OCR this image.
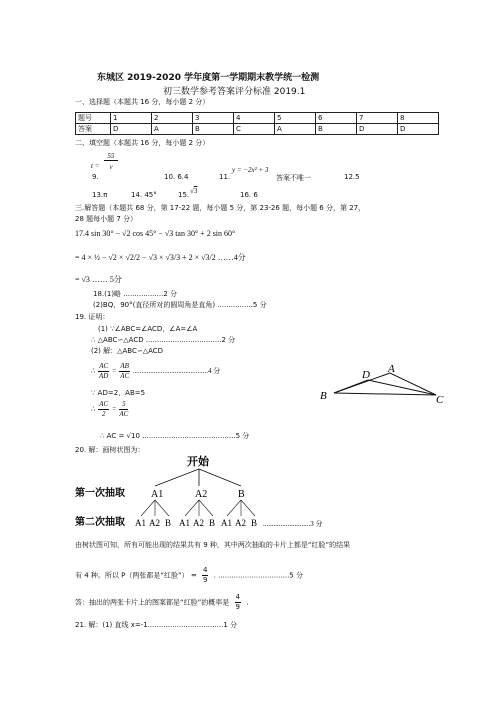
东城区 2019-2020 学年度第一学期期末教学统一检测
初三数学参考答案评分标准 2019.1
一、选择题（本题共 16 分，每小题 2 分）
题号	1	2	3	4	5	6	7	8
答案	D	A	B	C	A	B	D	D
二、填空题（本题共 16 分，每小题 2 分）
t =
55
v
9.	10. 6.4	11.
y = −2x² + 3
答案不唯一	12.5
13.π	14. 45°	15. √3	16. 6
三.解答题（本题共 68 分，第 17-22 题，每小题 5 分，第 23-26 题，每小题 6 分，第 27，
28 题每小题 7 分）
17.4 sin 30° − √2 cos 45° − √3 tan 30° + 2 sin 60°
= 4 × ½ − √2 × √2/2 − √3 × √3/3 + 2 × √3/2 ……4分
= √3 …… 5分
18.(1)略 ..................2 分
(2)BQ，90°(直径所对的圆周角是直角) ................5 分
19. 证明：
(1) ∵∠ABC=∠ACD，∠A=∠A
∴ △ABC∽△ACD ..................................2 分
(2) 解：△ABC∽△ACD
∴ $\frac{AC}{AD} = \frac{AB}{AC} ...........................................4$ 分
∵ AD=2，AB=5
∴ $\frac{AC}{2} = \frac{5}{AC}$
∴ AC = √10 ..........................................5 分
A
B	C
D
20. 解：画树状图为：
开始
第一次抽取
第二次抽取
A1	A2	B
A1 A2 B A1 A2 B A1 A2 B ...........................3 分
由树状图可知，所有可能出现的结果共有 9 种，其中两次抽取的卡片上都是“红脸”的结果
有 4 种。所以 P（两张都是“红脸”） = $\frac{4}{9}$ . ................................5 分
答：抽出的两张卡片上的图案都是“红脸”的概率是 $\frac{4}{9}$ .
21. 解：(1) 直线 x=-1..................................1 分
